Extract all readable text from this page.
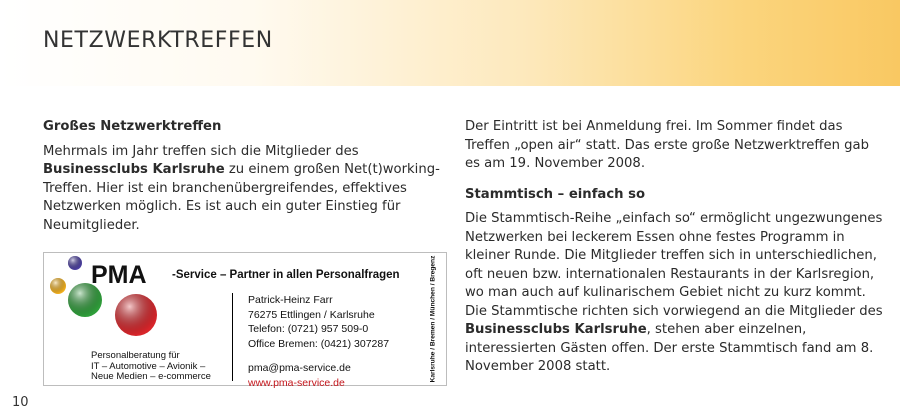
NETZWERKTREFFEN

Großes Netzwerktreffen

Mehrmals im Jahr treffen sich die Mitglieder des Businessclubs Karlsruhe zu einem großen Net(t)working-Treffen. Hier ist ein branchenübergreifendes, effektives Netzwerken möglich. Es ist auch ein guter Einstieg für Neumitglieder.

PMA -Service – Partner in allen Personalfragen
Patrick-Heinz Farr
76275 Ettlingen / Karlsruhe
Telefon: (0721) 957 509-0
Office Bremen: (0421) 307287
pma@pma-service.de
www.pma-service.de
Personalberatung für
IT – Automotive – Avionik –
Neue Medien – e-commerce	Karlsruhe / Bremen / München / Bregenz

Der Eintritt ist bei Anmeldung frei. Im Sommer findet das Treffen „open air“ statt. Das erste große Netzwerktreffen gab es am 19. November 2008.

Stammtisch – einfach so

Die Stammtisch-Reihe „einfach so“ ermöglicht ungezwungenes Netzwerken bei leckerem Essen ohne festes Programm in kleiner Runde. Die Mitglieder treffen sich in unterschiedlichen, oft neuen bzw. internationalen Restaurants in der Karlsregion, wo man auch auf kulinarischem Gebiet nicht zu kurz kommt. Die Stammtische richten sich vorwiegend an die Mitglieder des Businessclubs Karlsruhe, stehen aber einzelnen, interessierten Gästen offen. Der erste Stammtisch fand am 8. November 2008 statt.

10
